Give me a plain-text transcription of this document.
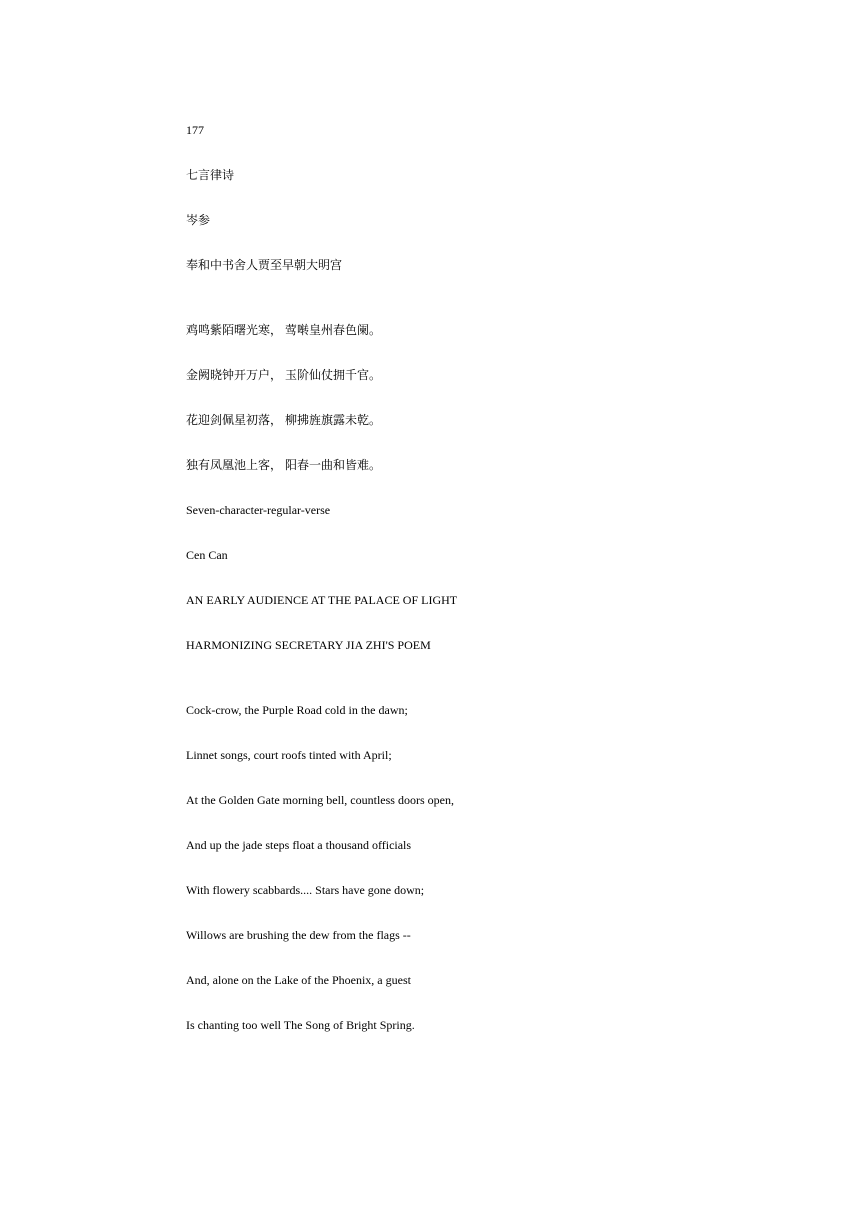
177
七言律诗
岑参
奉和中书舍人贾至早朝大明宫
鸡鸣紫陌曙光寒， 莺啭皇州春色阑。
金阙晓钟开万户， 玉阶仙仗拥千官。
花迎剑佩星初落， 柳拂旌旗露未乾。
独有凤凰池上客， 阳春一曲和皆难。
Seven-character-regular-verse
Cen Can
AN EARLY AUDIENCE AT THE PALACE OF LIGHT
HARMONIZING SECRETARY JIA ZHI'S POEM
Cock-crow, the Purple Road cold in the dawn;
Linnet songs, court roofs tinted with April;
At the Golden Gate morning bell, countless doors open,
And up the jade steps float a thousand officials
With flowery scabbards.... Stars have gone down;
Willows are brushing the dew from the flags --
And, alone on the Lake of the Phoenix, a guest
Is chanting too well The Song of Bright Spring.
